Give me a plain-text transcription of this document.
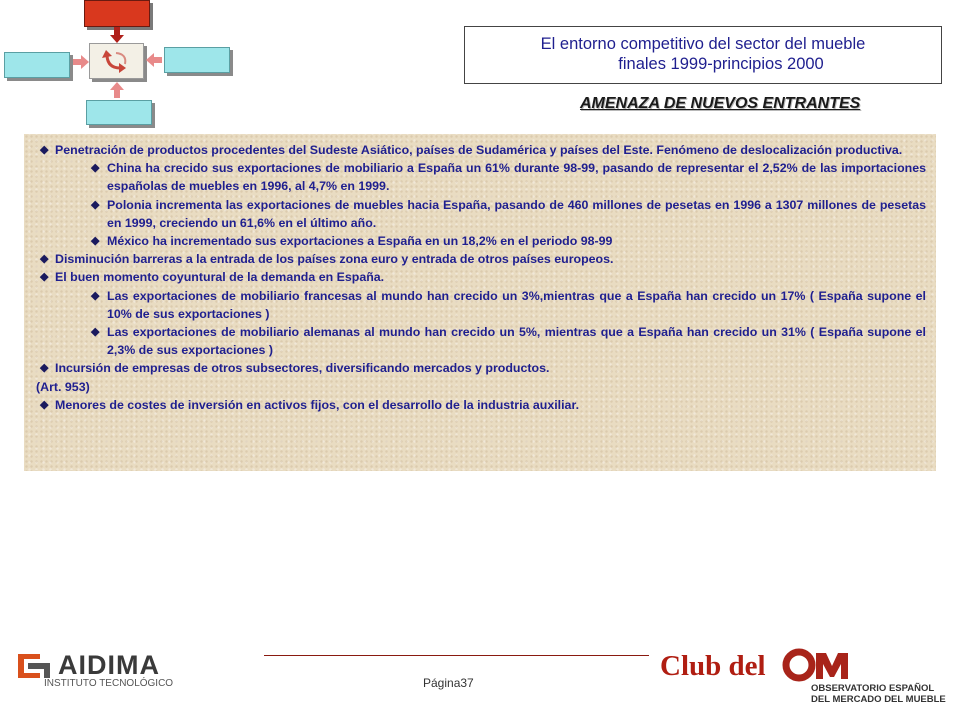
El entorno competitivo del sector del mueble
finales 1999-principios 2000
AMENAZA DE NUEVOS ENTRANTES
◆ Penetración de productos procedentes del Sudeste Asiático, países de Sudamérica y países del Este. Fenómeno de deslocalización productiva.
◆ China ha crecido sus exportaciones de mobiliario a España un 61% durante 98-99, pasando de representar el 2,52% de las importaciones españolas de muebles en 1996, al 4,7% en 1999.
◆ Polonia incrementa las exportaciones de muebles hacia España, pasando de 460 millones de pesetas en 1996 a 1307 millones de pesetas en 1999, creciendo un 61,6% en el último año.
◆ México ha incrementado sus exportaciones a España en un 18,2% en el periodo 98-99
◆ Disminución barreras a la entrada de los países zona euro y entrada de otros países europeos.
◆ El buen momento coyuntural de la demanda en España.
◆ Las exportaciones de mobiliario francesas al mundo han crecido un 3%,mientras que a España han crecido un 17% ( España supone el 10% de sus exportaciones )
◆ Las exportaciones de mobiliario alemanas al mundo han crecido un 5%, mientras que a España han crecido un 31% ( España supone el 2,3% de sus exportaciones )
◆ Incursión de empresas de otros subsectores, diversificando mercados y productos.
(Art. 953)
◆ Menores de costes de inversión en activos fijos, con el desarrollo de la industria auxiliar.
Página37
AIDIMA
INSTITUTO TECNOLÓGICO
Club del
OBSERVATORIO ESPAÑOL
DEL MERCADO DEL MUEBLE
